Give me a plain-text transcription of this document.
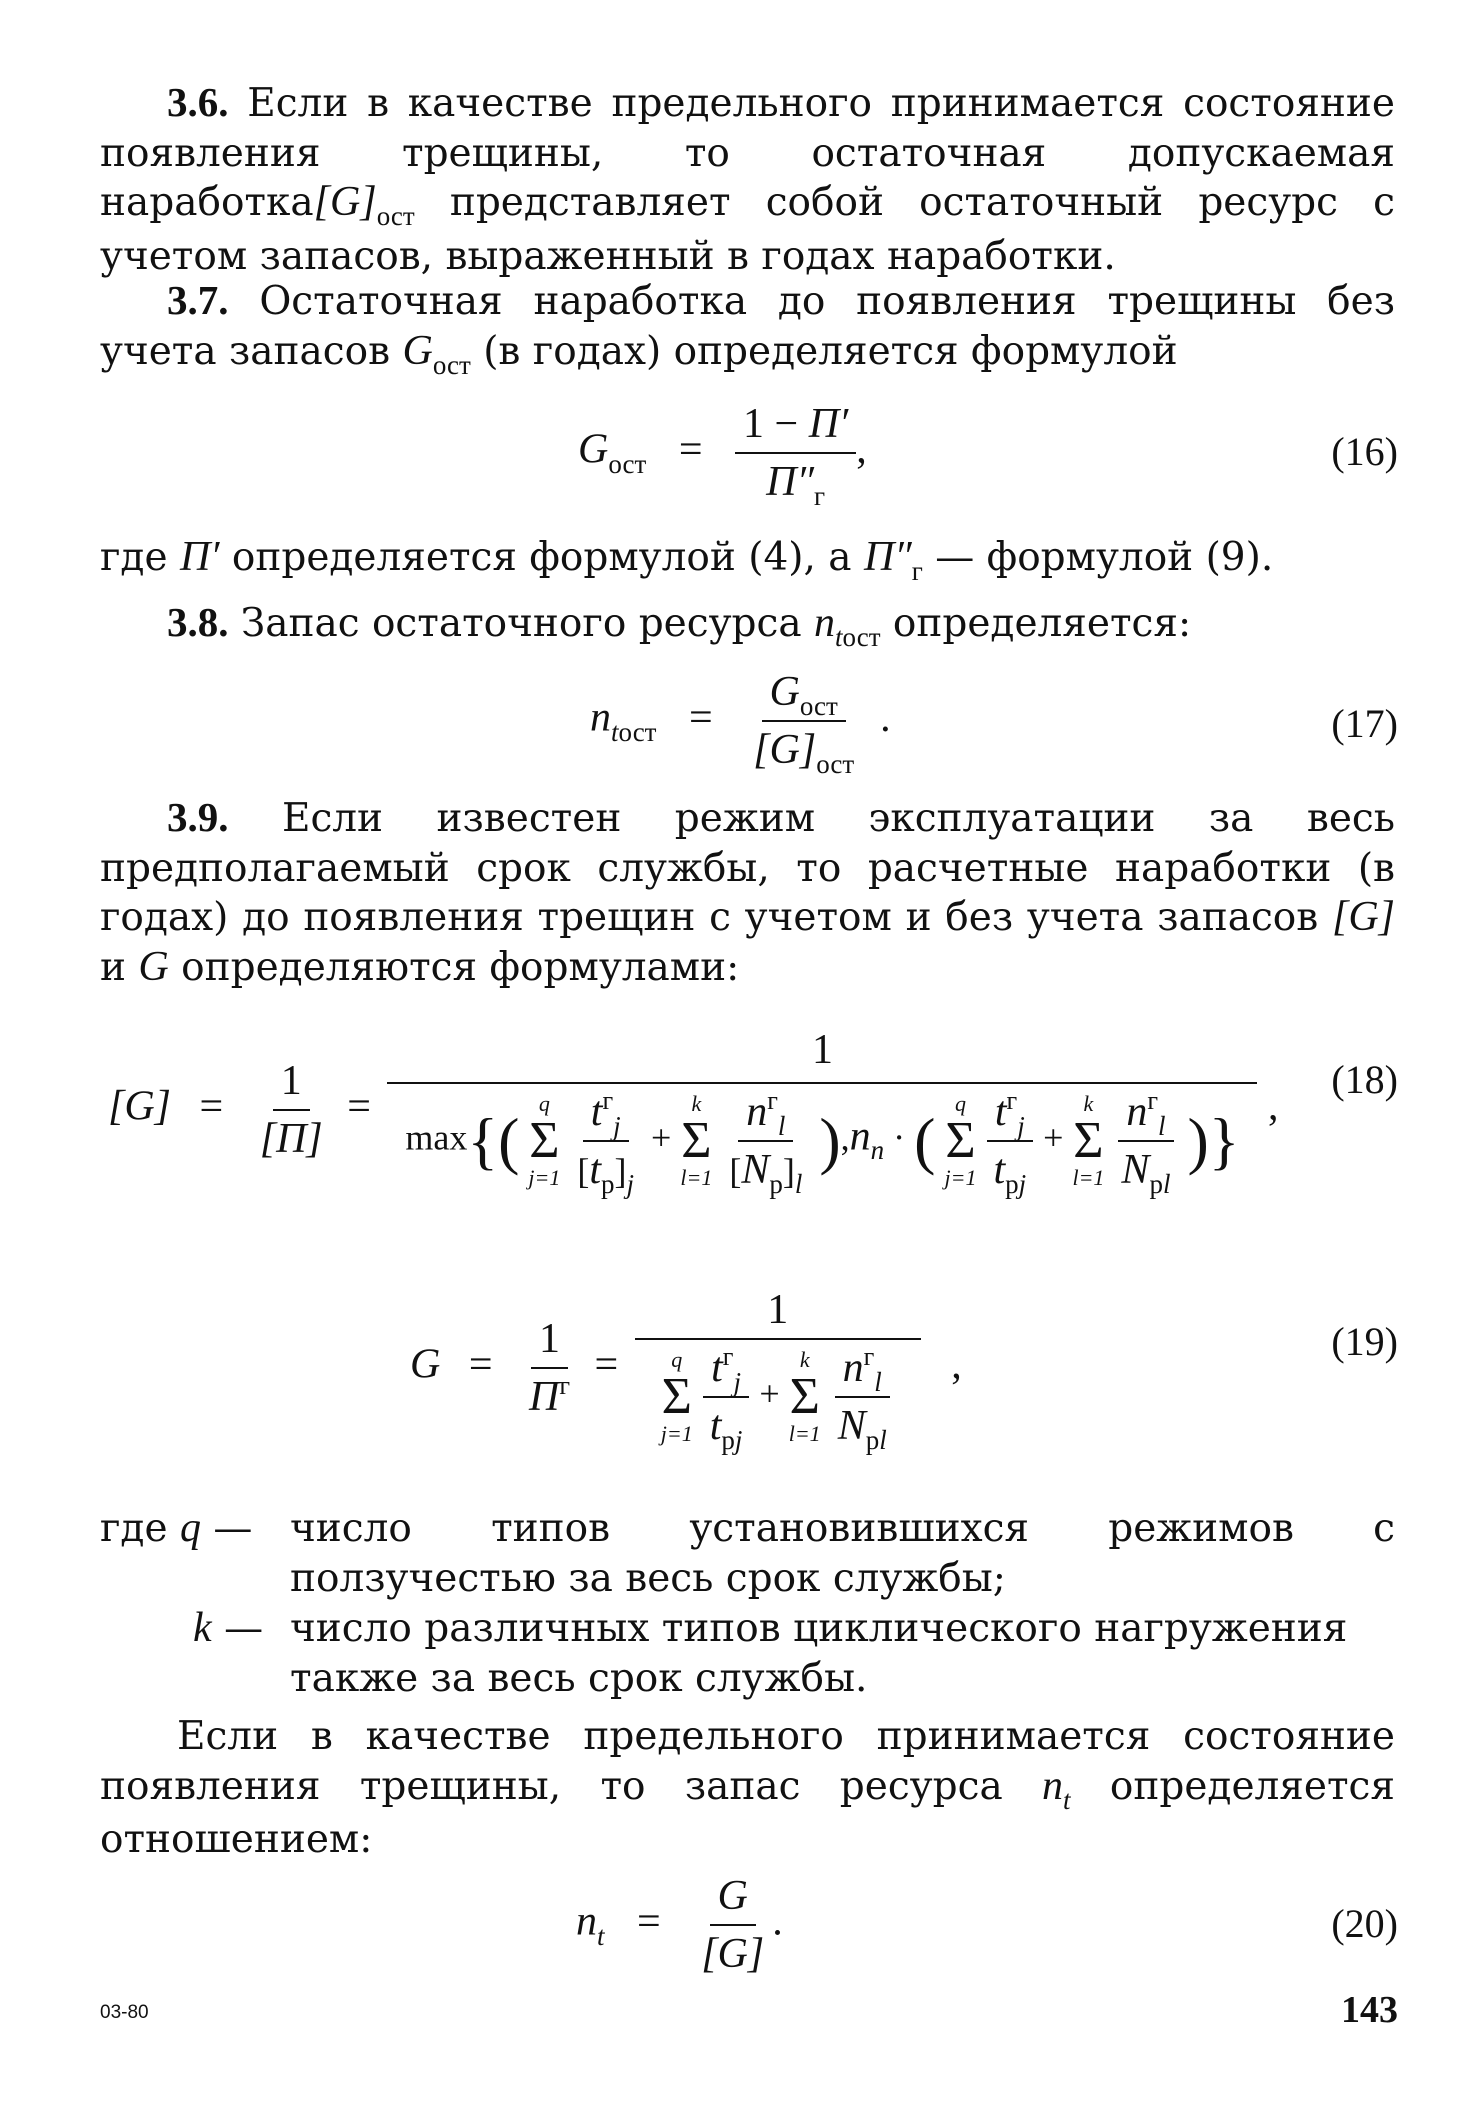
3.6. Если в качестве предельного принимается состояние появления трещины, то остаточная допускаемая $наработка[G]_{ост}$ представляет собой остаточный ресурс с учетом запасов, выраженный в годах наработки.

3.7. Остаточная наработка до появления трещины без учета запасов $G_{ост}$ (в годах) определяется формулой

$G_{ост} = \frac{1 - П'}{П''_г}$ ,	(16)

где П′ определяется формулой (4), а $П''_г$ — формулой (9).

3.8. Запас остаточного ресурса $n_{tост}$ определяется:

$n_{tост} = \frac{G_{ост}}{[G]_{ост}}$ .	(17)

3.9. Если известен режим эксплуатации за весь предполагаемый срок службы, то расчетные наработки (в годах) до появления трещин с учетом и без учета запасов [G] и G определяются формулами:

$[G] = \frac{1}{[П]}$ =
1
max{(
q
Σ
j=1
$\frac{t^г_j}{[t_р]_j}$ +
k
Σ
l=1
$\frac{n^г_l}{[N_р]_l} ),n_n$ · (
q
Σ
j=1
$\frac{t^г_j}{t_{рj}}$ +
k
Σ
l=1
$\frac{n^г_l}{N_{рl}}$ )} ,
(18)
$G = \frac{1}{П^г}$ =
1
q
Σ
j=1
$\frac{t^г_j}{t_{рj}}$ +
k
Σ
l=1
$\frac{n^г_l}{N_{рl}}$ ,
(19)
где q — число типов установившихся режимов с ползучестью за весь срок службы;

k — число различных типов циклического нагружения
также за весь срок службы.

Если в качестве предельного принимается состояние появления трещины, то запас ресурса $n_t$ определяется отношением:

$n_t = \frac{G}{[G]}$ .	(20)
03-80	143
